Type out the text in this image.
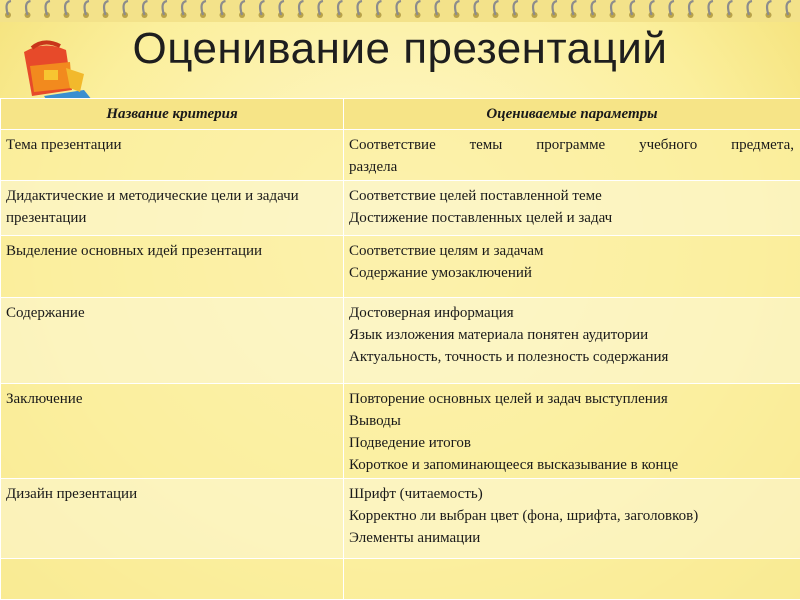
Оценивание презентаций
Название критерия	Оцениваемые параметры
Тема презентации	Соответствие темы программе учебного предмета,
раздела

Дидактические и методические цели и задачи презентации	Соответствие целей поставленной теме
Достижение поставленных целей и задач

Выделение основных идей презентации	Соответствие целям и задачам
Содержание умозаключений

Содержание	Достоверная информация
Язык изложения материала понятен аудитории
Актуальность, точность и полезность содержания

Заключение	Повторение основных целей и задач выступления
Выводы
Подведение итогов
Короткое и запоминающееся высказывание в конце

Дизайн презентации	Шрифт (читаемость)
Корректно ли выбран цвет (фона, шрифта, заголовков)
Элементы анимации
